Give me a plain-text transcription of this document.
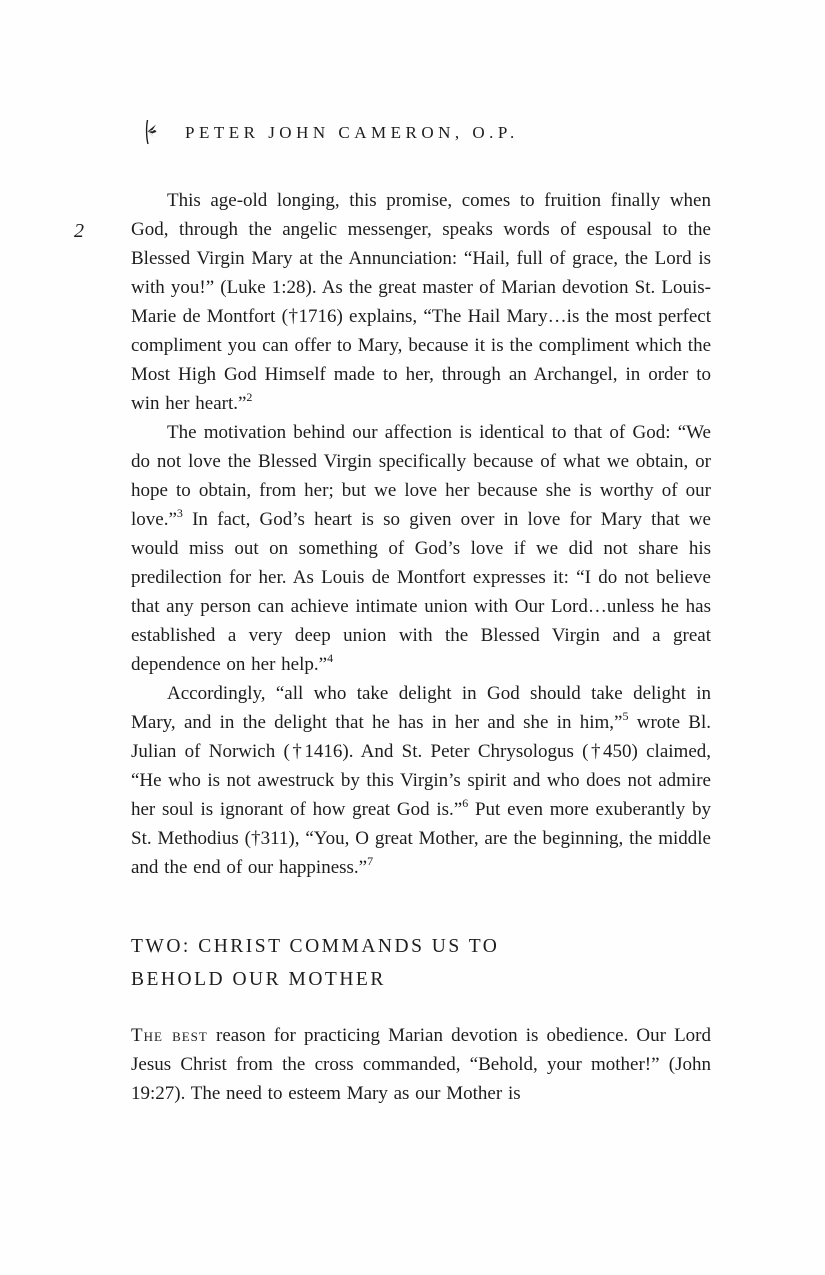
PETER JOHN CAMERON, O.P.
2

This age-old longing, this promise, comes to fruition finally when God, through the angelic messenger, speaks words of espousal to the Blessed Virgin Mary at the Annunciation: “Hail, full of grace, the Lord is with you!” (Luke 1:28). As the great master of Marian devotion St. Louis-Marie de Montfort (†1716) explains, “The Hail Mary…is the most perfect compliment you can offer to Mary, because it is the compliment which the Most High God Himself made to her, through an Archangel, in order to win her heart.”$^2$

The motivation behind our affection is identical to that of God: “We do not love the Blessed Virgin specifically because of what we obtain, or hope to obtain, from her; but we love her because she is worthy of our love.”$^3$ In fact, God’s heart is so given over in love for Mary that we would miss out on something of God’s love if we did not share his predilection for her. As Louis de Montfort expresses it: “I do not believe that any person can achieve intimate union with Our Lord…unless he has established a very deep union with the Blessed Virgin and a great dependence on her help.”$^4$

Accordingly, “all who take delight in God should take delight in Mary, and in the delight that he has in her and she in him,”$^5$ wrote Bl. Julian of Norwich (†1416). And St. Peter Chrysologus (†450) claimed, “He who is not awestruck by this Virgin’s spirit and who does not admire her soul is ignorant of how great God is.”$^6$ Put even more exuberantly by St. Methodius (†311), “You, O great Mother, are the beginning, the middle and the end of our happiness.”$^7$

TWO: CHRIST COMMANDS US TO
BEHOLD OUR MOTHER

The best reason for practicing Marian devotion is obedience. Our Lord Jesus Christ from the cross commanded, “Behold, your mother!” (John 19:27). The need to esteem Mary as our Mother is
